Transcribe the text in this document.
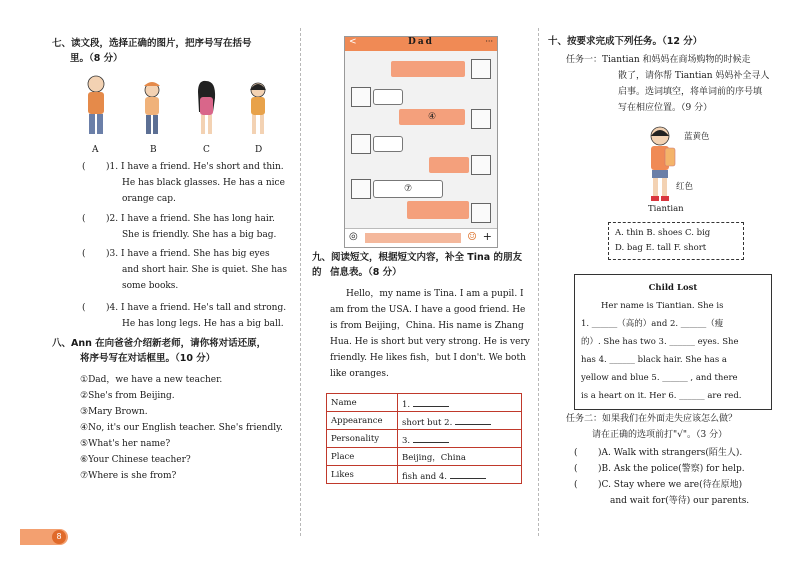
七、读文段，选择正确的图片，把序号写在括号
里。（8 分）
A	B	C	D
( )1. I have a friend. He's short and thin.
He has black glasses. He has a nice
orange cap.
( )2. I have a friend. She has long hair.
She is friendly. She has a big bag.
( )3. I have a friend. She has big eyes
and short hair. She is quiet. She has
some books.
( )4. I have a friend. He's tall and strong.
He has long legs. He has a big ball.
八、Ann 在向爸爸介绍新老师，请你将对话还原，
将序号写在对话框里。（10 分）
①Dad，we have a new teacher.
②She's from Beijing.
③Mary Brown.
④No, it's our English teacher. She's friendly.
⑤What's her name?
⑥Your Chinese teacher?
⑦Where is she from?
<	Dad	···
④
⑦
◎	☺ +
九、阅读短文，根据短文内容，补全 Tina 的朋友的 信息表。（8 分）
Hello，my name is Tina. I am a pupil. I
am from the USA. I have a good friend. He
is from Beijing，China. His name is Zhang
Hua. He is short but very strong. He is very
friendly. He likes fish，but I don't. We both
like oranges.
Name	1.
Appearance	short but 2.
Personality	3.
Place	Beijing，China
Likes	fish and 4.
十、按要求完成下列任务。（12 分）
任务一：Tiantian 和妈妈在商场购物的时候走
散了，请你帮 Tiantian 妈妈补全寻人
启事。选词填空，将单词前的序号填
写在相应位置。（9 分）
蓝黄色
红色
Tiantian
A. thin B. shoes C. big
D. bag E. tall F. short
Child Lost
Her name is Tiantian. She is
1. ______（高的）and 2. ______（瘦
的）. She has two 3. ______ eyes. She
has 4. ______ black hair. She has a
yellow and blue 5. ______ , and there
is a heart on it. Her 6. ______ are red.
任务二：如果我们在外面走失应该怎么做？
请在正确的选项前打"√"。（3 分）
( )A. Walk with strangers(陌生人).
( )B. Ask the police(警察) for help.
( )C. Stay where we are(待在原地)
and wait for(等待) our parents.
8
